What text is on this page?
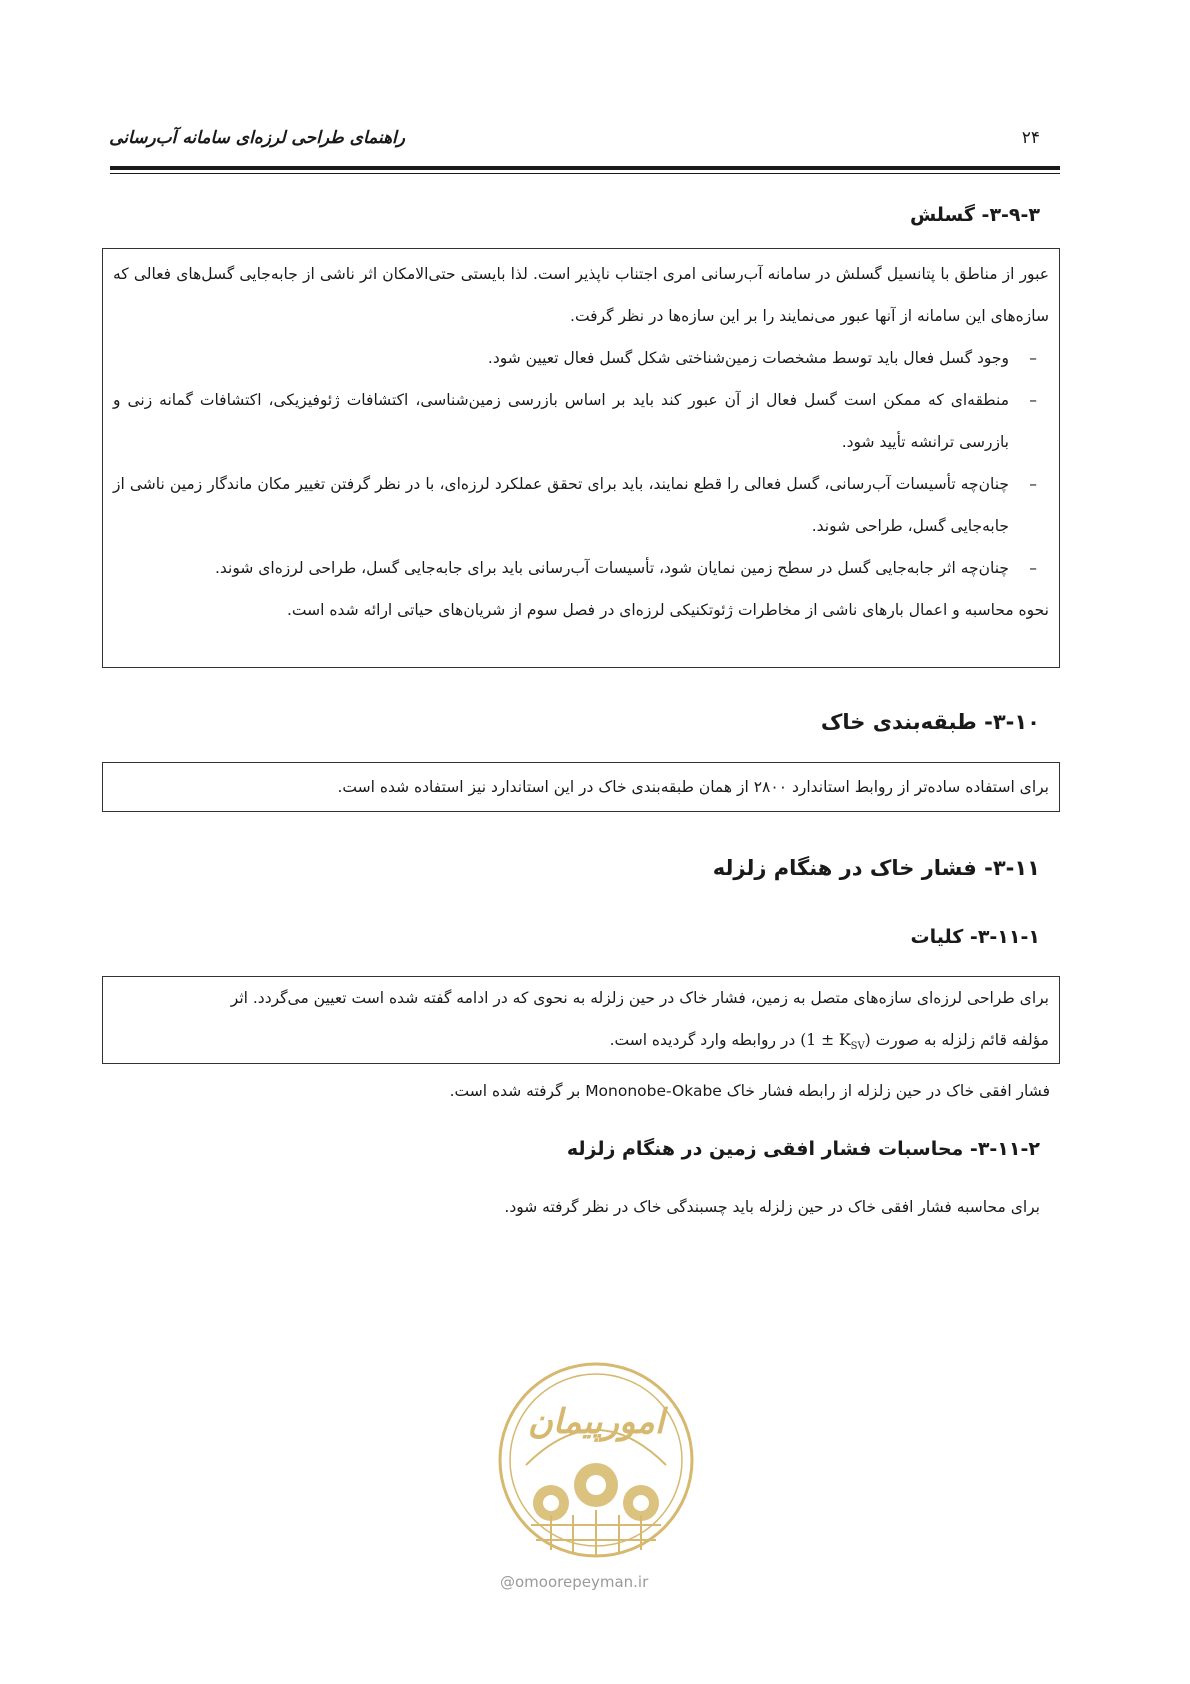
راهنمای طراحی لرزه‌ای سامانه آب‌رسانی	۲۴
۳-۹-۳- گسلش

عبور از مناطق با پتانسیل گسلش در سامانه آب‌رسانی امری اجتناب ناپذیر است. لذا بایستی حتی‌الامکان اثر ناشی از جابه‌جایی گسل‌های فعالی که سازه‌های این سامانه از آنها عبور می‌نمایند را بر این سازه‌ها در نظر گرفت.

–
وجود گسل فعال باید توسط مشخصات زمین‌شناختی شکل گسل فعال تعیین شود.

–
منطقه‌ای که ممکن است گسل فعال از آن عبور کند باید بر اساس بازرسی زمین‌شناسی، اکتشافات ژئوفیزیکی، اکتشافات گمانه زنی و بازرسی ترانشه تأیید شود.

–
چنان‌چه تأسیسات آب‌رسانی، گسل فعالی را قطع نمایند، باید برای تحقق عملکرد لرزه‌ای، با در نظر گرفتن تغییر مکان ماندگار زمین ناشی از جابه‌جایی گسل، طراحی شوند.

–
چنان‌چه اثر جابه‌جایی گسل در سطح زمین نمایان شود، تأسیسات آب‌رسانی باید برای جابه‌جایی گسل، طراحی لرزه‌ای شوند.

نحوه محاسبه و اعمال بارهای ناشی از مخاطرات ژئوتکنیکی لرزه‌ای در فصل سوم از شریان‌های حیاتی ارائه شده است.

۳-۱۰- طبقه‌بندی خاک

برای استفاده ساده‌تر از روابط استاندارد ۲۸۰۰ از همان طبقه‌بندی خاک در این استاندارد نیز استفاده شده است.

۳-۱۱- فشار خاک در هنگام زلزله
۳-۱۱-۱- کلیات

برای طراحی لرزه‌ای سازه‌های متصل به زمین، فشار خاک در حین زلزله به نحوی که در ادامه گفته شده است تعیین می‌گردد. اثر

مؤلفه قائم زلزله به صورت $(1 \pm K_{SV})$ در روابطه وارد گردیده است.

فشار افقی خاک در حین زلزله از رابطه فشار خاک Mononobe-Okabe بر گرفته شده است.
۳-۱۱-۲- محاسبات فشار افقی زمین در هنگام زلزله
برای محاسبه فشار افقی خاک در حین زلزله باید چسبندگی خاک در نظر گرفته شود.
امورپیمان
@omoorepeyman.ir
